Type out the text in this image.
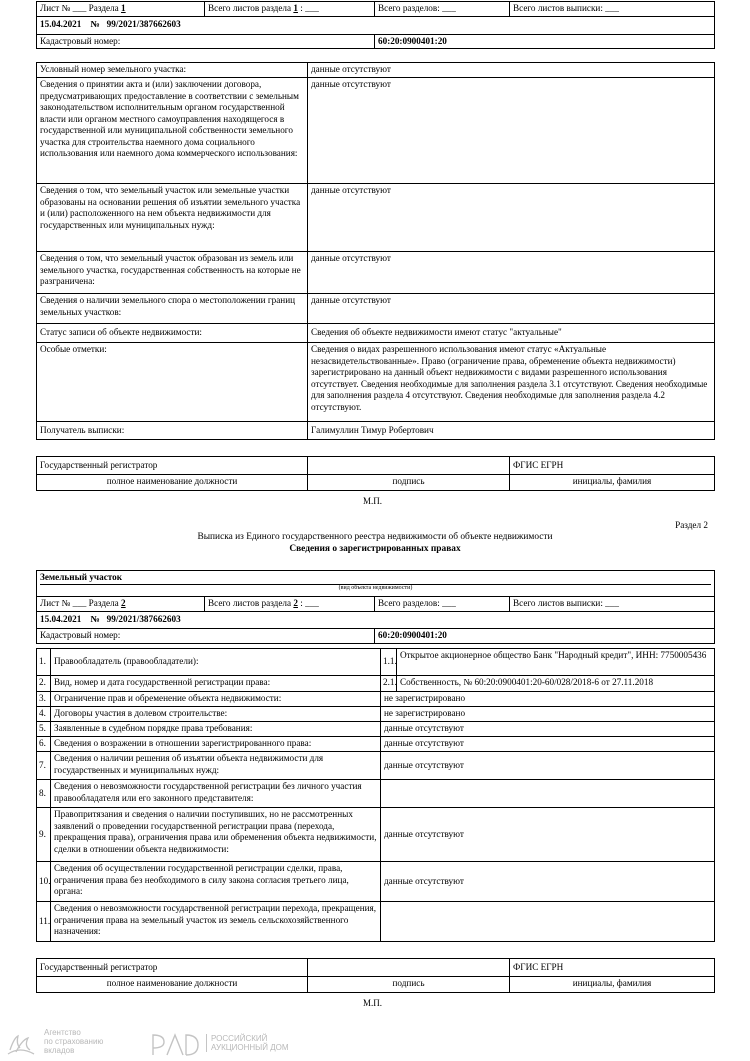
Лист № ___ Раздела 1	Всего листов раздела 1 : ___	Всего разделов: ___	Всего листов выписки: ___
15.04.2021    №   99/2021/387662603			
Кадастровый номер:		60:20:0900401:20	
Условный номер земельного участка:	данные отсутствуют
Сведения о принятии акта и (или) заключении договора, предусматривающих предоставление в соответствии с земельным законодательством исполнительным органом государственной власти или органом местного самоуправления находящегося в государственной или муниципальной собственности земельного участка для строительства наемного дома социального использования или наемного дома коммерческого использования:	данные отсутствуют
Сведения о том, что земельный участок или земельные участки образованы на основании решения об изъятии земельного участка и (или) расположенного на нем объекта недвижимости для государственных или муниципальных нужд:	данные отсутствуют
Сведения о том, что земельный участок образован из земель или земельного участка, государственная собственность на которые не разграничена:	данные отсутствуют
Сведения о наличии земельного спора о местоположении границ земельных участков:	данные отсутствуют
Статус записи об объекте недвижимости:	Сведения об объекте недвижимости имеют статус "актуальные"
Особые отметки:	Сведения о видах разрешенного использования имеют статус «Актуальные незасвидетельствованные». Право (ограничение права, обременение объекта недвижимости) зарегистрировано на данный объект недвижимости с видами разрешенного использования отсутствует. Сведения необходимые для заполнения раздела 3.1 отсутствуют. Сведения необходимые для заполнения раздела 4 отсутствуют. Сведения необходимые для заполнения раздела 4.2 отсутствуют.
Получатель выписки:	Галимуллин Тимур Робертович
Государственный регистратор		ФГИС ЕГРН
полное наименование должности	подпись	инициалы, фамилия
М.П.
Раздел 2
Выписка из Единого государственного реестра недвижимости об объекте недвижимости
Сведения о зарегистрированных правах
Земельный участок
(вид объекта недвижимости)			

Лист № ___ Раздела 2	Всего листов раздела 2 : ___	Всего разделов: ___	Всего листов выписки: ___
15.04.2021    №   99/2021/387662603			
Кадастровый номер:		60:20:0900401:20	
1.	Правообладатель (правообладатели):	1.1.	Открытое акционерное общество Банк "Народный кредит", ИНН: 7750005436
2.	Вид, номер и дата государственной регистрации права:	2.1.	Собственность, № 60:20:0900401:20-60/028/2018-6 от 27.11.2018
3.	Ограничение прав и обременение объекта недвижимости:	не зарегистрировано	
4.	Договоры участия в долевом строительстве:	не зарегистрировано	
5.	Заявленные в судебном порядке права требования:	данные отсутствуют	
6.	Сведения о возражении в отношении зарегистрированного права:	данные отсутствуют	
7.	Сведения о наличии решения об изъятии объекта недвижимости для государственных и муниципальных нужд:	данные отсутствуют	
8.	Сведения о невозможности государственной регистрации без личного участия правообладателя или его законного представителя:		
9.	Правопритязания и сведения о наличии поступивших, но не рассмотренных заявлений о проведении государственной регистрации права (перехода, прекращения права), ограничения права или обременения объекта недвижимости, сделки в отношении объекта недвижимости:	данные отсутствуют	
10.	Сведения об осуществлении государственной регистрации сделки, права, ограничения права без необходимого в силу закона согласия третьего лица, органа:	данные отсутствуют	
11.	Сведения о невозможности государственной регистрации перехода, прекращения, ограничения права на земельный участок из земель сельскохозяйственного назначения:		
Государственный регистратор		ФГИС ЕГРН
полное наименование должности	подпись	инициалы, фамилия
М.П.
Агентство
по страхованию
вкладов
РОССИЙСКИЙ
АУКЦИОННЫЙ ДОМ
